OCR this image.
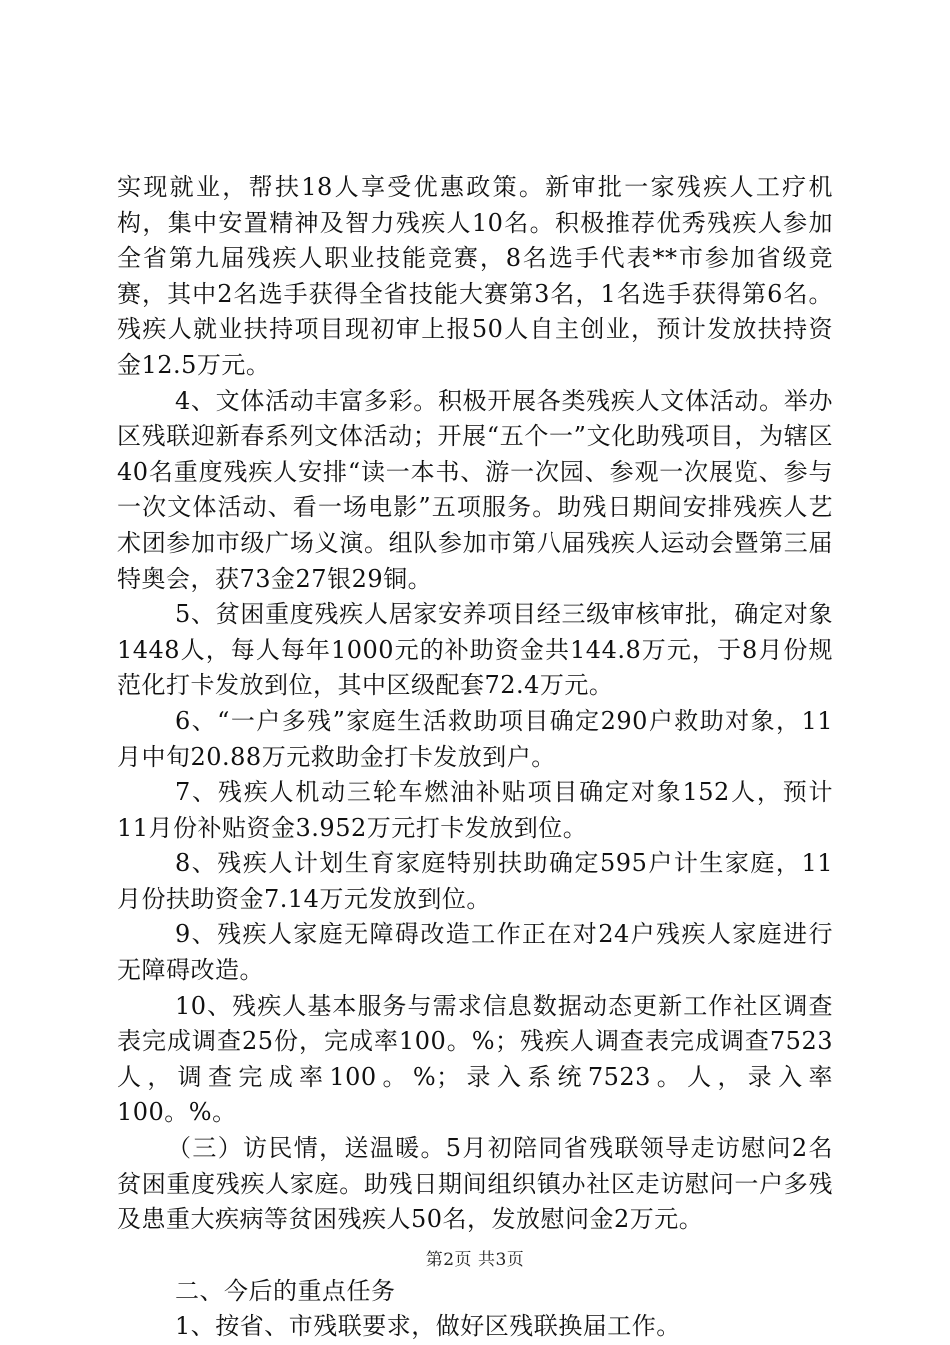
实现就业，帮扶18人享受优惠政策。新审批一家残疾人工疗机构，集中安置精神及智力残疾人10名。积极推荐优秀残疾人参加全省第九届残疾人职业技能竞赛，8名选手代表**市参加省级竞赛，其中2名选手获得全省技能大赛第3名，1名选手获得第6名。残疾人就业扶持项目现初审上报50人自主创业，预计发放扶持资金12.5万元。

4、文体活动丰富多彩。积极开展各类残疾人文体活动。举办区残联迎新春系列文体活动；开展“五个一”文化助残项目，为辖区40名重度残疾人安排“读一本书、游一次园、参观一次展览、参与一次文体活动、看一场电影”五项服务。助残日期间安排残疾人艺术团参加市级广场义演。组队参加市第八届残疾人运动会暨第三届特奥会，获73金27银29铜。

5、贫困重度残疾人居家安养项目经三级审核审批，确定对象1448人，每人每年1000元的补助资金共144.8万元，于8月份规范化打卡发放到位，其中区级配套72.4万元。

6、“一户多残”家庭生活救助项目确定290户救助对象，11月中旬20.88万元救助金打卡发放到户。

7、残疾人机动三轮车燃油补贴项目确定对象152人，预计11月份补贴资金3.952万元打卡发放到位。

8、残疾人计划生育家庭特别扶助确定595户计生家庭，11月份扶助资金7.14万元发放到位。

9、残疾人家庭无障碍改造工作正在对24户残疾人家庭进行无障碍改造。

10、残疾人基本服务与需求信息数据动态更新工作社区调查表完成调查25份，完成率100。%；残疾人调查表完成调查7523人，调查完成率100。%；录入系统7523。人，录入率100。%。

（三）访民情，送温暖。5月初陪同省残联领导走访慰问2名贫困重度残疾人家庭。助残日期间组织镇办社区走访慰问一户多残及患重大疾病等贫困残疾人50名，发放慰问金2万元。

二、今后的重点任务

1、按省、市残联要求，做好区残联换届工作。

第2页 共3页
